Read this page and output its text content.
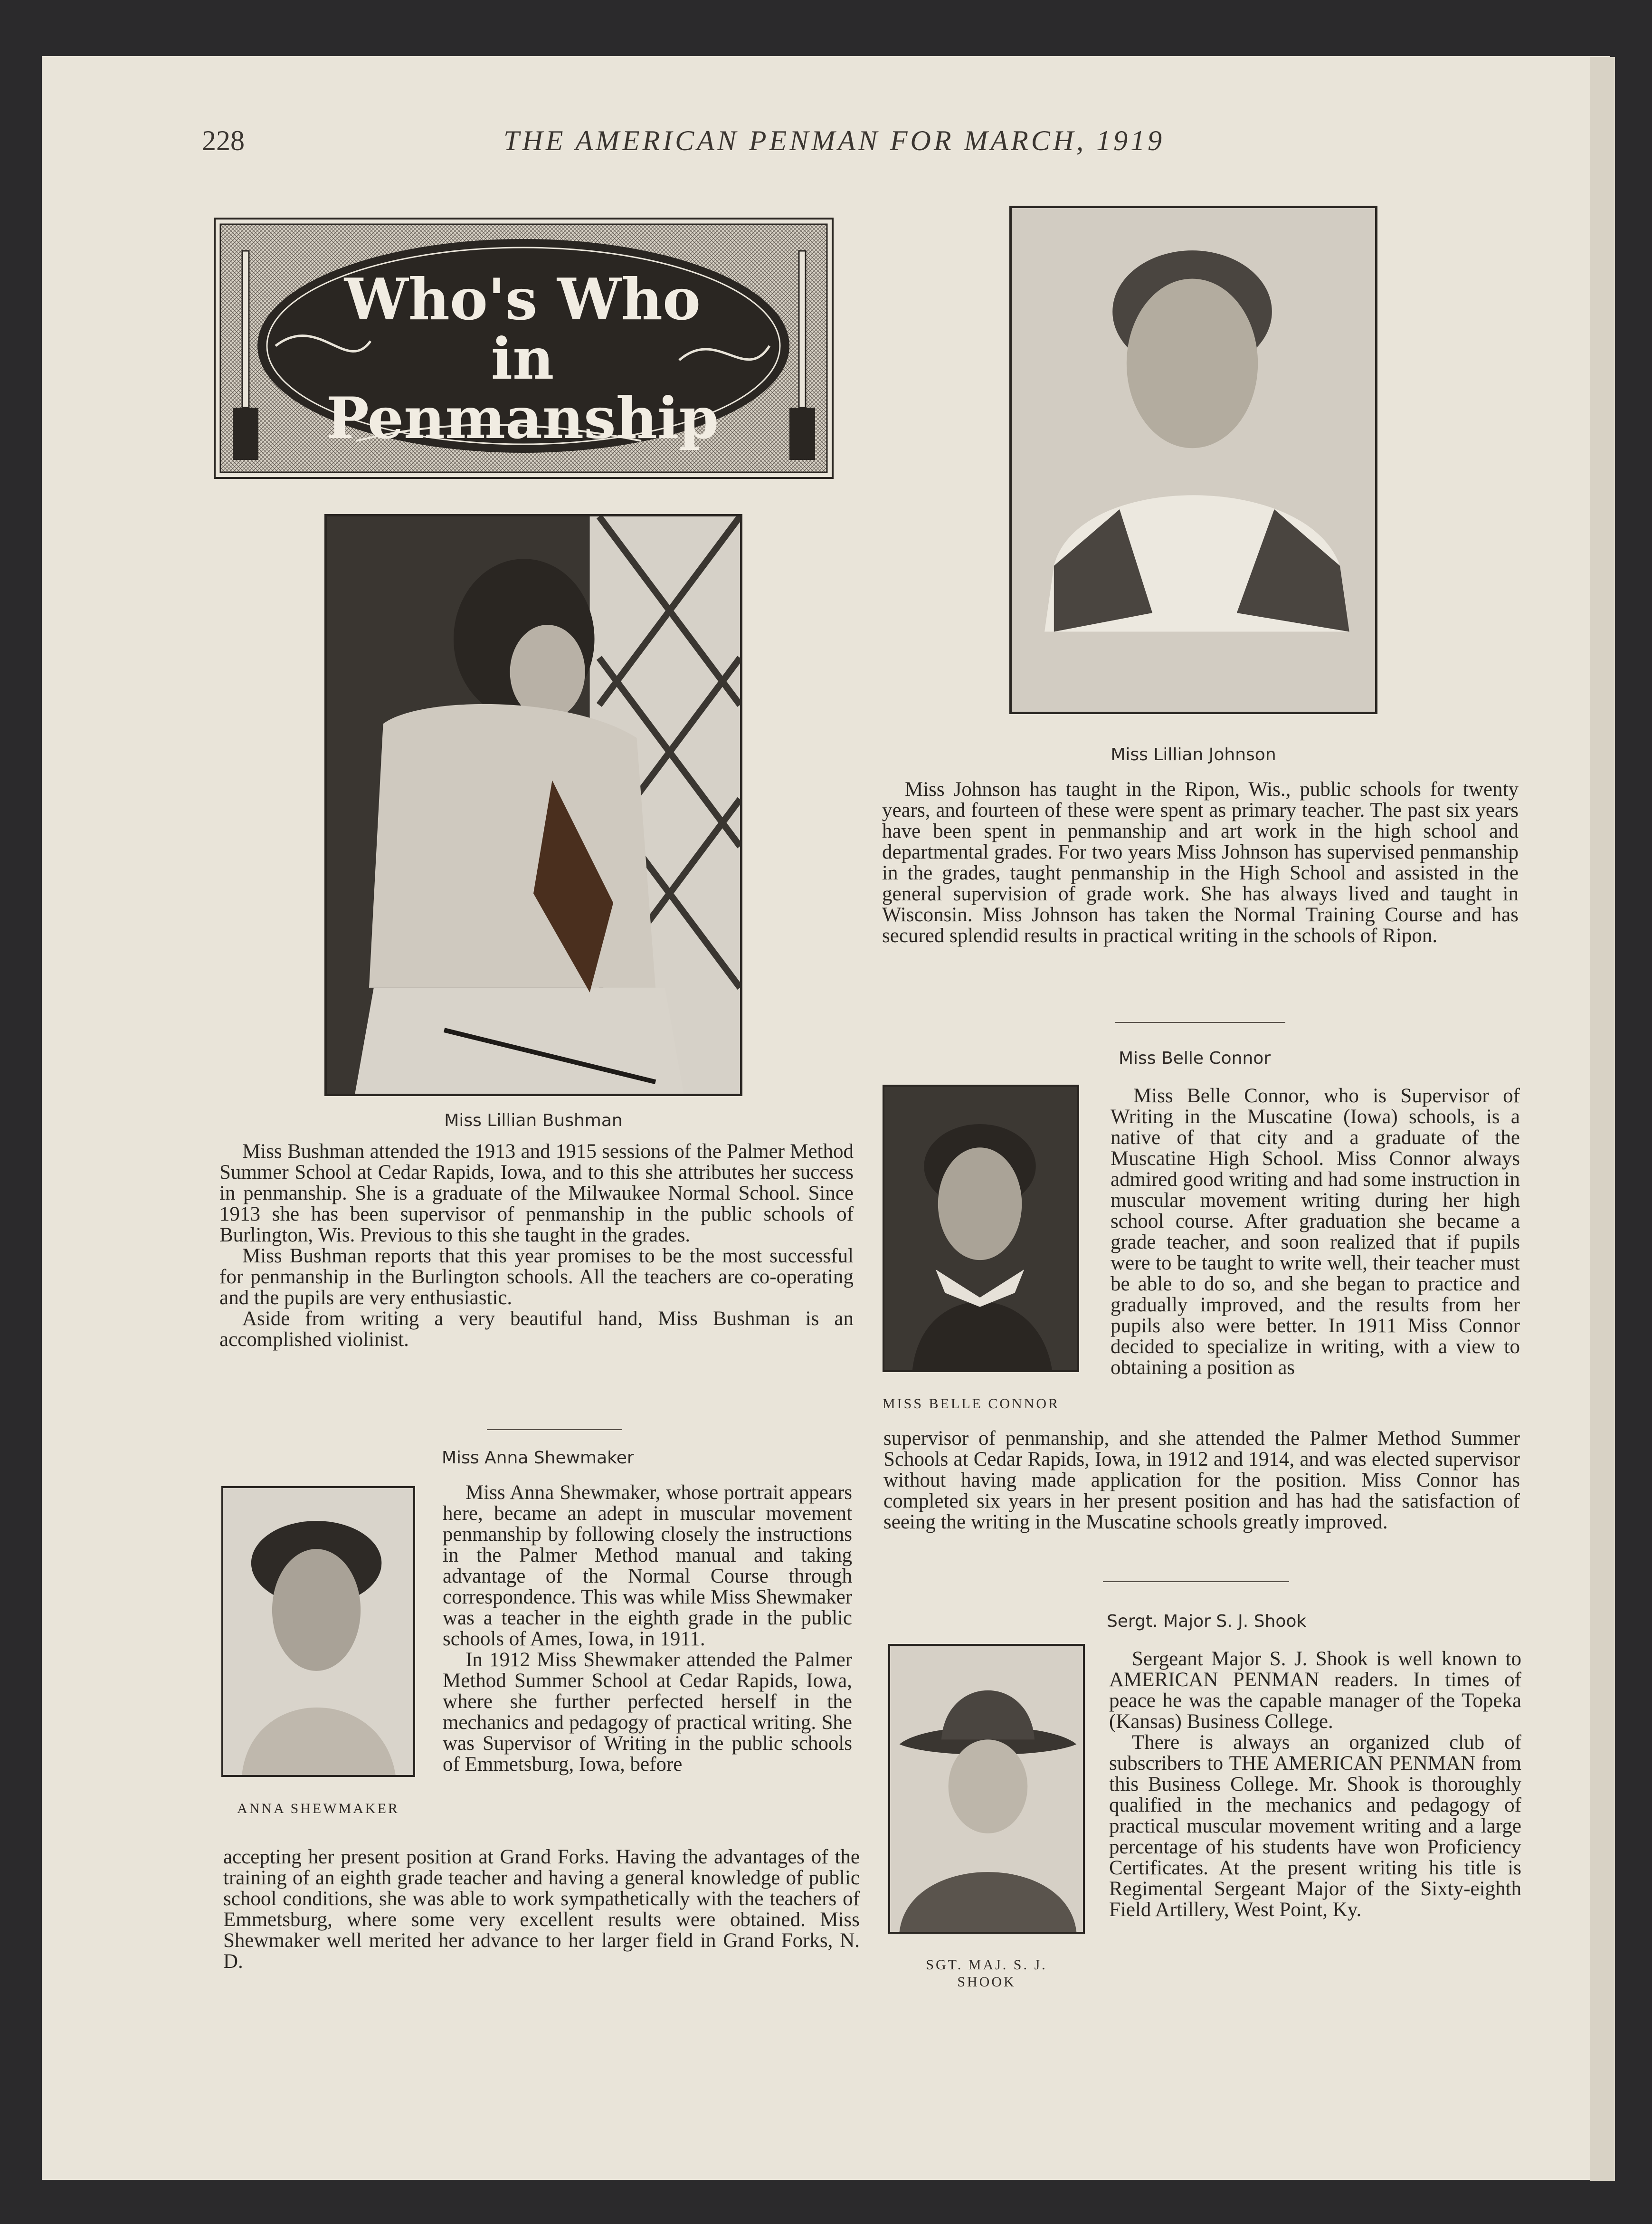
228	THE AMERICAN PENMAN FOR MARCH, 1919
Who's Who in
Penmanship
Miss Lillian Bushman

Miss Bushman attended the 1913 and 1915 sessions of the Palmer Method Summer School at Cedar Rapids, Iowa, and to this she attributes her success in penmanship. She is a graduate of the Milwaukee Normal School. Since 1913 she has been supervisor of penmanship in the public schools of Burlington, Wis. Previous to this she taught in the grades.

Miss Bushman reports that this year promises to be the most successful for penmanship in the Burlington schools. All the teachers are co-operating and the pupils are very enthusiastic.

Aside from writing a very beautiful hand, Miss Bushman is an accomplished violinist.

Miss Anna Shewmaker
ANNA SHEWMAKER

Miss Anna Shewmaker, whose portrait appears here, became an adept in muscular movement penmanship by following closely the instructions in the Palmer Method manual and taking advantage of the Normal Course through correspondence. This was while Miss Shewmaker was a teacher in the eighth grade in the public schools of Ames, Iowa, in 1911.

In 1912 Miss Shewmaker attended the Palmer Method Summer School at Cedar Rapids, Iowa, where she further perfected herself in the mechanics and pedagogy of practical writing. She was Supervisor of Writing in the public schools of Emmetsburg, Iowa, before

accepting her present position at Grand Forks. Having the advantages of the training of an eighth grade teacher and having a general knowledge of public school conditions, she was able to work sympathetically with the teachers of Emmetsburg, where some very excellent results were obtained. Miss Shewmaker well merited her advance to her larger field in Grand Forks, N. D.

Miss Lillian Johnson

Miss Johnson has taught in the Ripon, Wis., public schools for twenty years, and fourteen of these were spent as primary teacher. The past six years have been spent in penmanship and art work in the high school and departmental grades. For two years Miss Johnson has supervised penmanship in the grades, taught penmanship in the High School and assisted in the general supervision of grade work. She has always lived and taught in Wisconsin. Miss Johnson has taken the Normal Training Course and has secured splendid results in practical writing in the schools of Ripon.

Miss Belle Connor
MISS BELLE CONNOR

Miss Belle Connor, who is Supervisor of Writing in the Muscatine (Iowa) schools, is a native of that city and a graduate of the Muscatine High School. Miss Connor always admired good writing and had some instruction in muscular movement writing during her high school course. After graduation she became a grade teacher, and soon realized that if pupils were to be taught to write well, their teacher must be able to do so, and she began to practice and gradually improved, and the results from her pupils also were better. In 1911 Miss Connor decided to specialize in writing, with a view to obtaining a position as

supervisor of penmanship, and she attended the Palmer Method Summer Schools at Cedar Rapids, Iowa, in 1912 and 1914, and was elected supervisor without having made application for the position. Miss Connor has completed six years in her present position and has had the satisfaction of seeing the writing in the Muscatine schools greatly improved.

Sergt. Major S. J. Shook
SGT. MAJ. S. J.
SHOOK

Sergeant Major S. J. Shook is well known to AMERICAN PENMAN readers. In times of peace he was the capable manager of the Topeka (Kansas) Business College.

There is always an organized club of subscribers to THE AMERICAN PENMAN from this Business College. Mr. Shook is thoroughly qualified in the mechanics and pedagogy of practical muscular movement writing and a large percentage of his students have won Proficiency Certificates. At the present writing his title is Regimental Sergeant Major of the Sixty-eighth Field Artillery, West Point, Ky.
